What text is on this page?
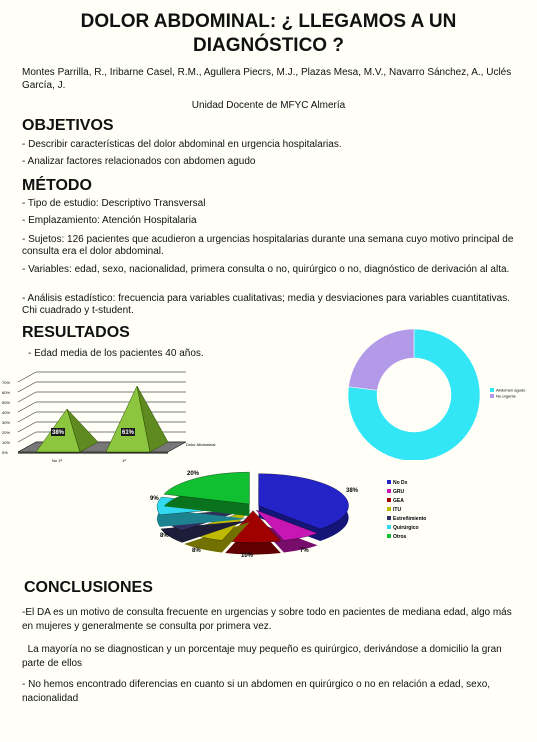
DOLOR ABDOMINAL: ¿ LLEGAMOS A UN
DIAGNÓSTICO ?
Montes Parrilla, R., Iribarne Casel, R.M., Agullera Piecrs, M.J., Plazas Mesa, M.V., Navarro Sánchez, A., Uclés García, J.
Unidad Docente de MFYC Almería
OBJETIVOS
- Describir características del dolor abdominal en urgencia hospitalarias.
- Analizar factores relacionados con abdomen agudo
MÉTODO
- Tipo de estudio: Descriptivo Transversal
- Emplazamiento: Atención Hospitalaria
- Sujetos: 126 pacientes que acudieron a urgencias hospitalarias durante una semana cuyo motivo principal de consulta era el dolor abdominal.
- Variables: edad, sexo, nacionalidad, primera consulta o no, quirúrgico o no, diagnóstico de derivación al alta.
- Análisis estadístico: frecuencia para variables cualitativas; media y desviaciones para variables cuantitativas. Chi cuadrado y t-student.
RESULTADOS
- Edad media de los pacientes 40 años.
0%
10%
20%
30%
40%
50%
60%
70%
38%
No 1ª
61%
1ª
Dolor Abdominal
Abdomen agudo
No urgente
38%
7%
10%
8%
8%
9%
20%
No Dx
GRU
GEA
ITU
Estreñimiento
Quirúrgico
Otros
CONCLUSIONES
-El DA es un motivo de consulta frecuente en urgencias y sobre todo en pacientes de mediana edad, algo más en mujeres y generalmente se consulta por primera vez.
La mayoría no se diagnostican y un porcentaje muy pequeño es quirúrgico, derivándose a domicilio la gran parte de ellos
- No hemos encontrado diferencias en cuanto si un abdomen en quirúrgico o no en relación a edad, sexo, nacionalidad
